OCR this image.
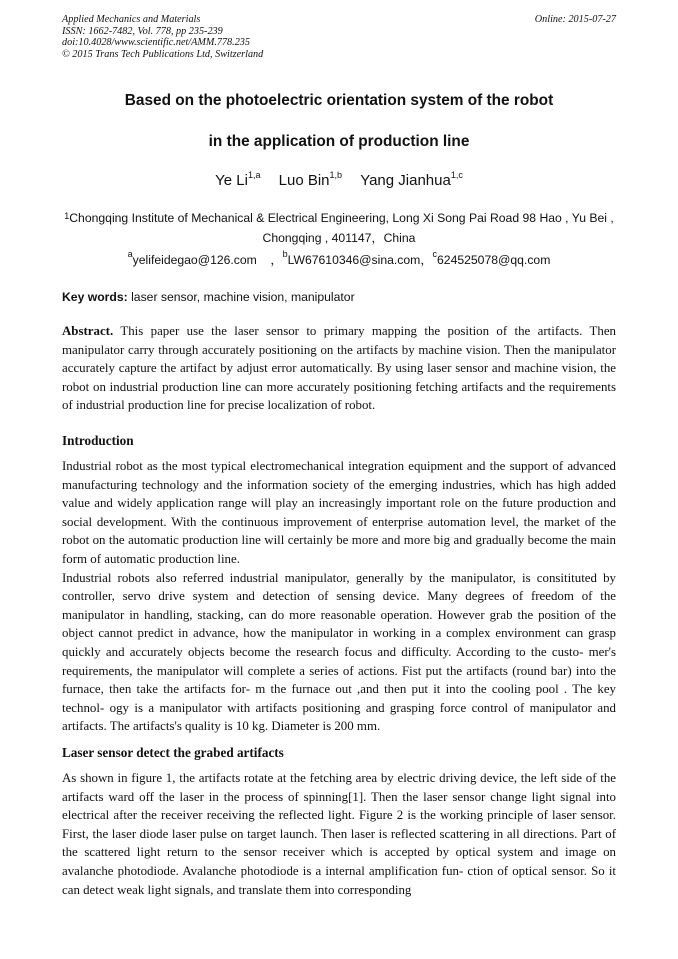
Applied Mechanics and Materials
ISSN: 1662-7482, Vol. 778, pp 235-239
doi:10.4028/www.scientific.net/AMM.778.235
© 2015 Trans Tech Publications Ltd, Switzerland
Online: 2015-07-27
Based on the photoelectric orientation system of the robot
in the application of production line
Ye Li$^{1,a}$ Luo Bin$^{1,b}$ Yang Jianhua$^{1,c}$
$^1$Chongqing Institute of Mechanical & Electrical Engineering, Long Xi Song Pai Road 98 Hao , Yu Bei , Chongqing , 401147，China
$^a$yelifeidegao@126.com    ，$^b$LW67610346@sina.com，$^c$624525078@qq.com
Key words: laser sensor, machine vision, manipulator

Abstract. This paper use the laser sensor to primary mapping the position of the artifacts. Then manipulator carry through accurately positioning on the artifacts by machine vision. Then the manipulator accurately capture the artifact by adjust error automatically. By using laser sensor and machine vision, the robot on industrial production line can more accurately positioning fetching artifacts and the requirements of industrial production line for precise localization of robot.

Introduction

Industrial robot as the most typical electromechanical integration equipment and the support of advanced manufacturing technology and the information society of the emerging industries, which has high added value and widely application range will play an increasingly important role on the future production and social development. With the continuous improvement of enterprise automation level, the market of the robot on the automatic production line will certainly be more and more big and gradually become the main form of automatic production line.

Industrial robots also referred industrial manipulator, generally by the manipulator, is consitituted by controller, servo drive system and detection of sensing device. Many degrees of freedom of the manipulator in handling, stacking, can do more reasonable operation. However grab the position of the object cannot predict in advance, how the manipulator in working in a complex environment can grasp quickly and accurately objects become the research focus and difficulty. According to the custo- mer's requirements, the manipulator will complete a series of actions. Fist put the artifacts (round bar) into the furnace, then take the artifacts for- m the furnace out ,and then put it into the cooling pool . The key technol- ogy is a manipulator with artifacts positioning and grasping force control of manipulator and artifacts. The artifacts's quality is 10 kg. Diameter is 200 mm.

Laser sensor detect the grabed artifacts

As shown in figure 1, the artifacts rotate at the fetching area by electric driving device, the left side of the artifacts ward off the laser in the process of spinning[1]. Then the laser sensor change light signal into electrical after the receiver receiving the reflected light. Figure 2 is the working principle of laser sensor. First, the laser diode laser pulse on target launch. Then laser is reflected scattering in all directions. Part of the scattered light return to the sensor receiver which is accepted by optical system and image on avalanche photodiode. Avalanche photodiode is a internal amplification fun- ction of optical sensor. So it can detect weak light signals, and translate them into corresponding
